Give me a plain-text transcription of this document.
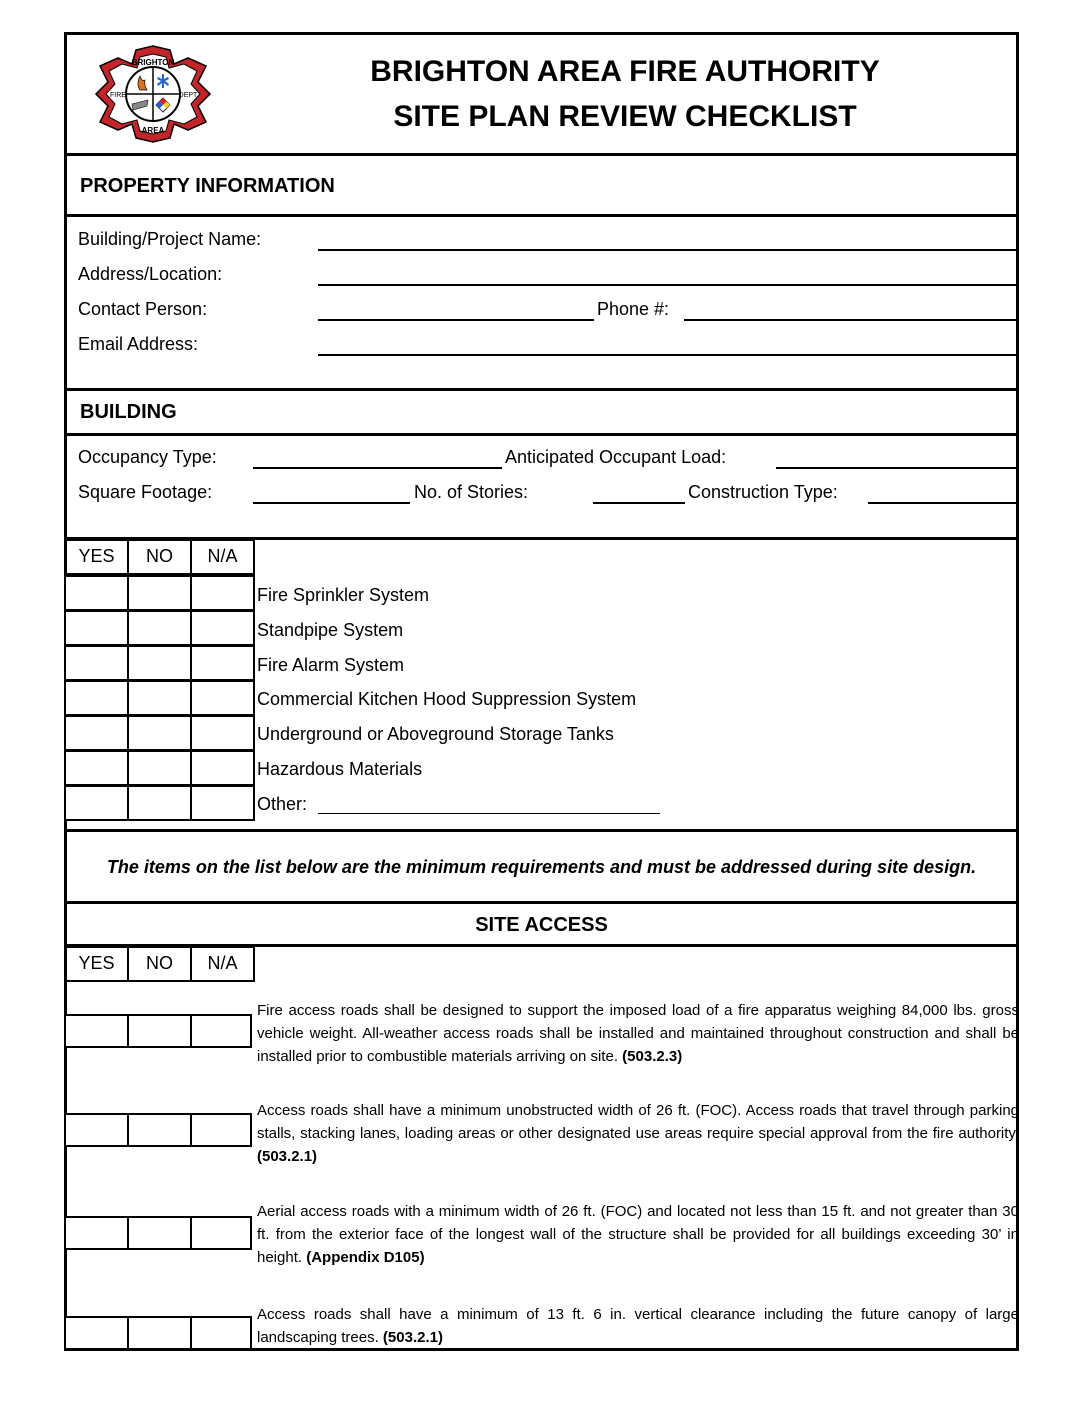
BRIGHTON
AREA
FIRE	DEPT
BRIGHTON AREA FIRE AUTHORITY
SITE PLAN REVIEW CHECKLIST
PROPERTY INFORMATION
Building/Project Name:
Address/Location:
Contact Person:	Phone #:
Email Address:
BUILDING
Occupancy Type:	Anticipated Occupant Load:
Square Footage:	No. of Stories:	Construction Type:
YES	NO	N/A
Fire Sprinkler System
Standpipe System
Fire Alarm System
Commercial Kitchen Hood Suppression System
Underground or Aboveground Storage Tanks
Hazardous Materials
Other:
The items on the list below are the minimum requirements and must be addressed during site design.
SITE ACCESS
YES	NO	N/A
Fire access roads shall be designed to support the imposed load of a fire apparatus weighing 84,000 lbs. gross vehicle weight. All-weather access roads shall be installed and maintained throughout construction and shall be installed prior to combustible materials arriving on site. (503.2.3)
Access roads shall have a minimum unobstructed width of 26 ft. (FOC). Access roads that travel through parking stalls, stacking lanes, loading areas or other designated use areas require special approval from the fire authority. (503.2.1)
Aerial access roads with a minimum width of 26 ft. (FOC) and located not less than 15 ft. and not greater than 30 ft. from the exterior face of the longest wall of the structure shall be provided for all buildings exceeding 30’ in height. (Appendix D105)
Access roads shall have a minimum of 13 ft. 6 in. vertical clearance including the future canopy of large landscaping trees. (503.2.1)
